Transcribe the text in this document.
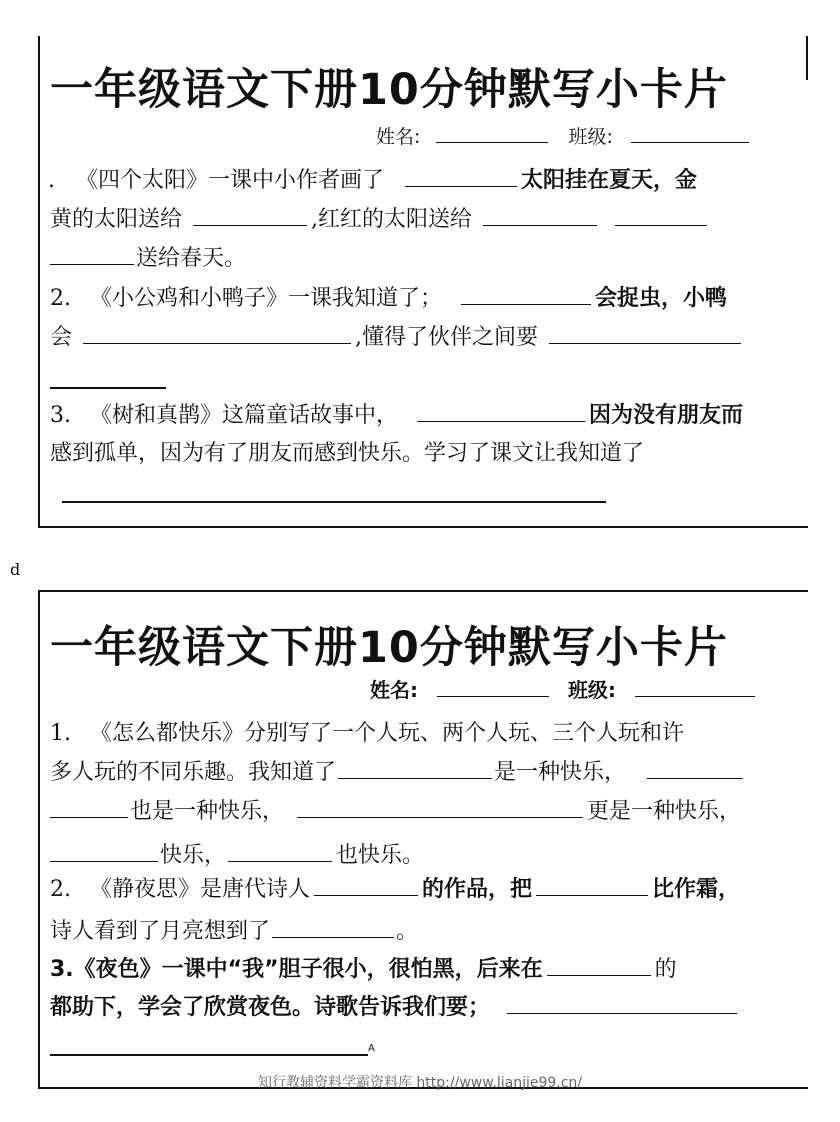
一年级语文下册10分钟默写小卡片
姓名:	班级:
. 《四个太阳》一课中小作者画了	太阳挂在夏天，金
黄的太阳送给	,红红的太阳送给
送给春天。
2. 《小公鸡和小鸭子》一课我知道了；	会捉虫，小鸭
会	,懂得了伙伴之间要
3. 《树和真鹊》这篇童话故事中，	因为没有朋友而
感到孤单，因为有了朋友而感到快乐。学习了课文让我知道了
d
一年级语文下册10分钟默写小卡片
姓名:	班级:
1. 《怎么都快乐》分别写了一个人玩、两个人玩、三个人玩和许
多人玩的不同乐趣。我知道了	是一种快乐，
也是一种快乐，	更是一种快乐，
快乐，	也快乐。
2. 《静夜思》是唐代诗人	的作品，把	比作霜，
诗人看到了月亮想到了	。
3.《夜色》一课中“我”胆子很小，很怕黑，后来在	的
都助下，学会了欣赏夜色。诗歌告诉我们要；
A
知行教辅资料学霸资料库 http://www.lianjie99.cn/
